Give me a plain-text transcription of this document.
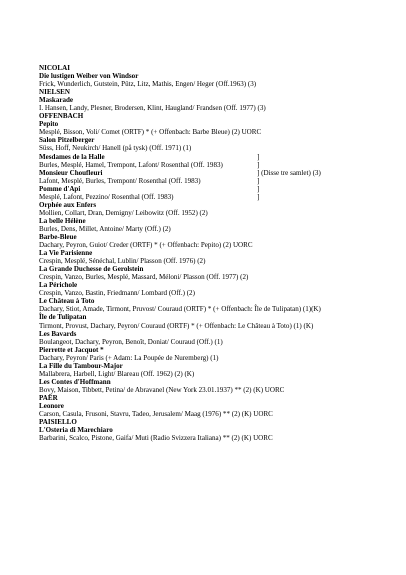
NICOLAI
Die lustigen Weiber von Windsor
Frick, Wunderlich, Gutstein, Pütz, Litz, Mathis, Engen/ Heger (Off.1963) (3)
NIELSEN
Maskarade
I. Hansen, Landy, Plesner, Brodersen, Klint, Haugland/ Frandsen (Off. 1977) (3)
OFFENBACH
Pepito
Mesplé, Bisson, Voli/ Comet (ORTF) * (+ Offenbach: Barbe Bleue) (2) UORC
Salon Pitzelberger
Süss, Hoff, Neukirch/ Hanell (på tysk) (Off. 1971) (1)
Mesdames de la Halle	]
Burles, Mesplé, Hamel, Trempont, Lafont/ Rosenthal (Off. 1983)	]
Monsieur Choufleuri	] (Disse tre samlet) (3)
Lafont, Mesplé, Burles, Trempont/ Rosenthal (Off. 1983)	]
Pomme d'Api	]
Mesplé, Lafont, Pezzino/ Rosenthal (Off. 1983)	]
Orphée aux Enfers
Mollien, Collart, Dran, Demigny/ Leibowitz (Off. 1952) (2)
La belle Hélène
Burles, Dens, Millet, Antoine/ Marty (Off.) (2)
Barbe-Bleue
Dachary, Peyron, Guiot/ Creder (ORTF) * (+ Offenbach: Pepito) (2) UORC
La Vie Parisienne
Crespin, Mesplé, Sénéchal, Lublin/ Plasson (Off. 1976) (2)
La Grande Duchesse de Gerolstein
Crespin, Vanzo, Burles, Mesplé, Massard, Méloni/ Plasson (Off. 1977) (2)
La Périchole
Crespin, Vanzo, Bastin, Friedmann/ Lombard (Off.) (2)
Le Château à Toto
Dachary, Stiot, Amade, Tirmont, Pruvost/ Couraud (ORTF) * (+ Offenbach: Île de Tulipatan) (1)(K)
Île de Tulipatan
Tirmont, Provust, Dachary, Peyron/ Couraud (ORTF) * (+ Offenbach: Le Château à Toto) (1) (K)
Les Bavards
Boulangeot, Dachary, Peyron, Benoît, Doniat/ Couraud (Off.) (1)
Pierrette et Jacquot *
Dachary, Peyron/ Paris (+ Adam: La Poupée de Nuremberg) (1)
La Fille du Tambour-Major
Mallabrera, Harbell, Light/ Blareau (Off. 1962) (2) (K)
Les Contes d'Hoffmann
Bovy, Maison, Tibbett, Petina/ de Abravanel (New York 23.01.1937) ** (2) (K) UORC
PAËR
Leonore
Carson, Casula, Frusoni, Stavru, Tadeo, Jerusalem/ Maag (1976) ** (2) (K) UORC
PAISIELLO
L'Osteria di Marechiaro
Barbarini, Scalco, Pistone, Gaifa/ Muti (Radio Svizzera Italiana) ** (2) (K) UORC
